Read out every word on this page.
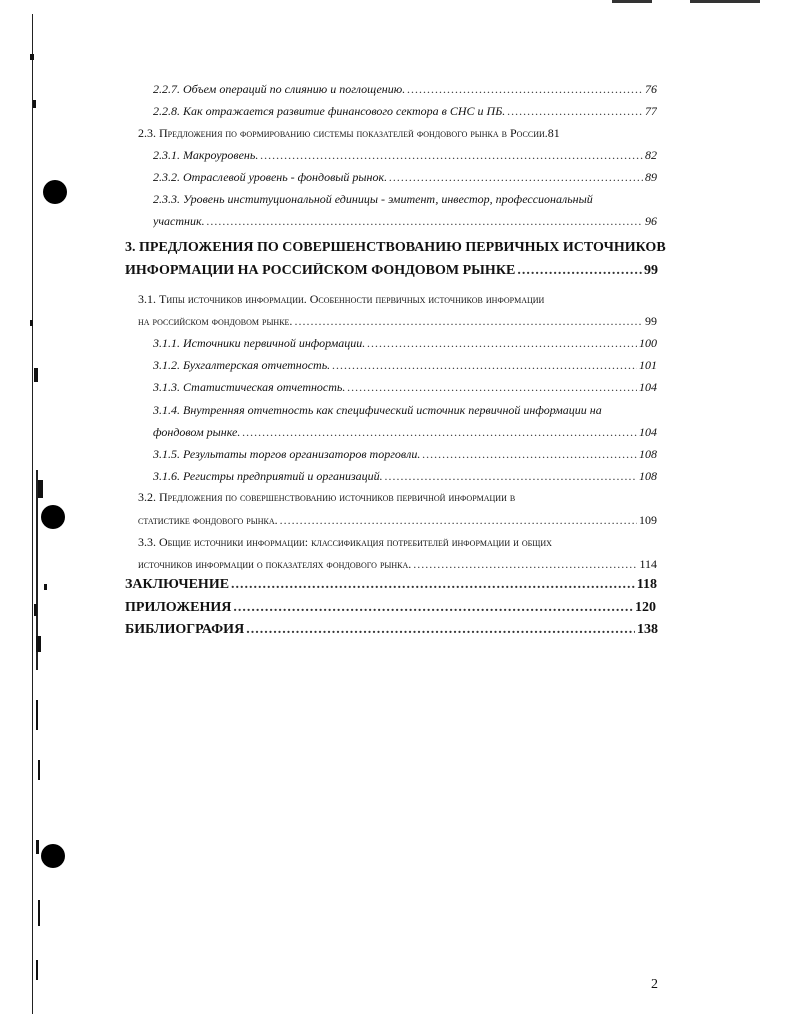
2.2.7. Объем операций по слиянию и поглощению. .....	76
2.2.8. Как отражается развитие финансового сектора в СНС и ПБ. .....	77
2.3. Предложения по формированию системы показателей фондового рынка в России. 81
2.3.1. Макроуровень. .....	82
2.3.2. Отраслевой уровень - фондовый рынок. .....	89
2.3.3. Уровень институциональной единицы - эмитент, инвестор, профессиональный
участник. .....	96
3. ПРЕДЛОЖЕНИЯ ПО СОВЕРШЕНСТВОВАНИЮ ПЕРВИЧНЫХ ИСТОЧНИКОВ
ИНФОРМАЦИИ НА РОССИЙСКОМ ФОНДОВОМ РЫНКЕ .....	99
3.1. Типы источников информации. Особенности первичных источников информации
на российском фондовом рынке. .....	99
3.1.1. Источники первичной информации. .....	100
3.1.2. Бухгалтерская отчетность. .....	101
3.1.3. Статистическая отчетность. .....	104
3.1.4. Внутренняя отчетность как специфический источник первичной информации на
фондовом рынке. .....	104
3.1.5. Результаты торгов организаторов торговли. .....	108
3.1.6. Регистры предприятий и организаций. .....	108
3.2. Предложения по совершенствованию источников первичной информации в
статистике фондового рынка. .....	109
3.3. Общие источники информации: классификация потребителей информации и общих
источников информации о показателях фондового рынка. .....	114
ЗАКЛЮЧЕНИЕ .....	118
ПРИЛОЖЕНИЯ .....	120
БИБЛИОГРАФИЯ .....	138
2
